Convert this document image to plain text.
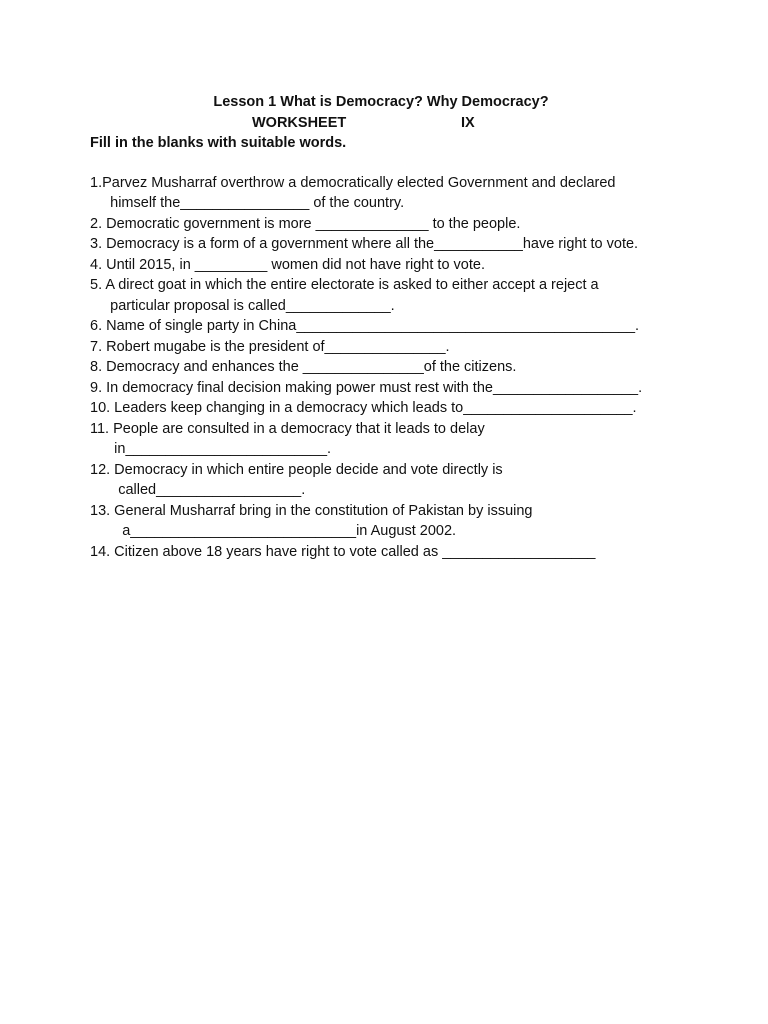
Lesson 1 What is Democracy? Why Democracy?
WORKSHEET	IX
Fill in the blanks with suitable words.
1.Parvez Musharraf overthrow a democratically elected Government and declared
himself the________________ of the country.
2. Democratic government is more ______________ to the people.
3. Democracy is a form of a government where all the___________have right to vote.
4. Until 2015, in _________ women did not have right to vote.
5. A direct goat in which the entire electorate is asked to either accept a reject a
particular proposal is called_____________.
6. Name of single party in China__________________________________________.
7. Robert mugabe is the president of_______________.
8. Democracy and enhances the _______________of the citizens.
9. In democracy final decision making power must rest with the__________________.
10. Leaders keep changing in a democracy which leads to_____________________.
11. People are consulted in a democracy that it leads to delay
in_________________________.
12. Democracy in which entire people decide and vote directly is
called__________________.
13. General Musharraf bring in the constitution of Pakistan by issuing
a____________________________in August 2002.
14. Citizen above 18 years have right to vote called as ___________________
